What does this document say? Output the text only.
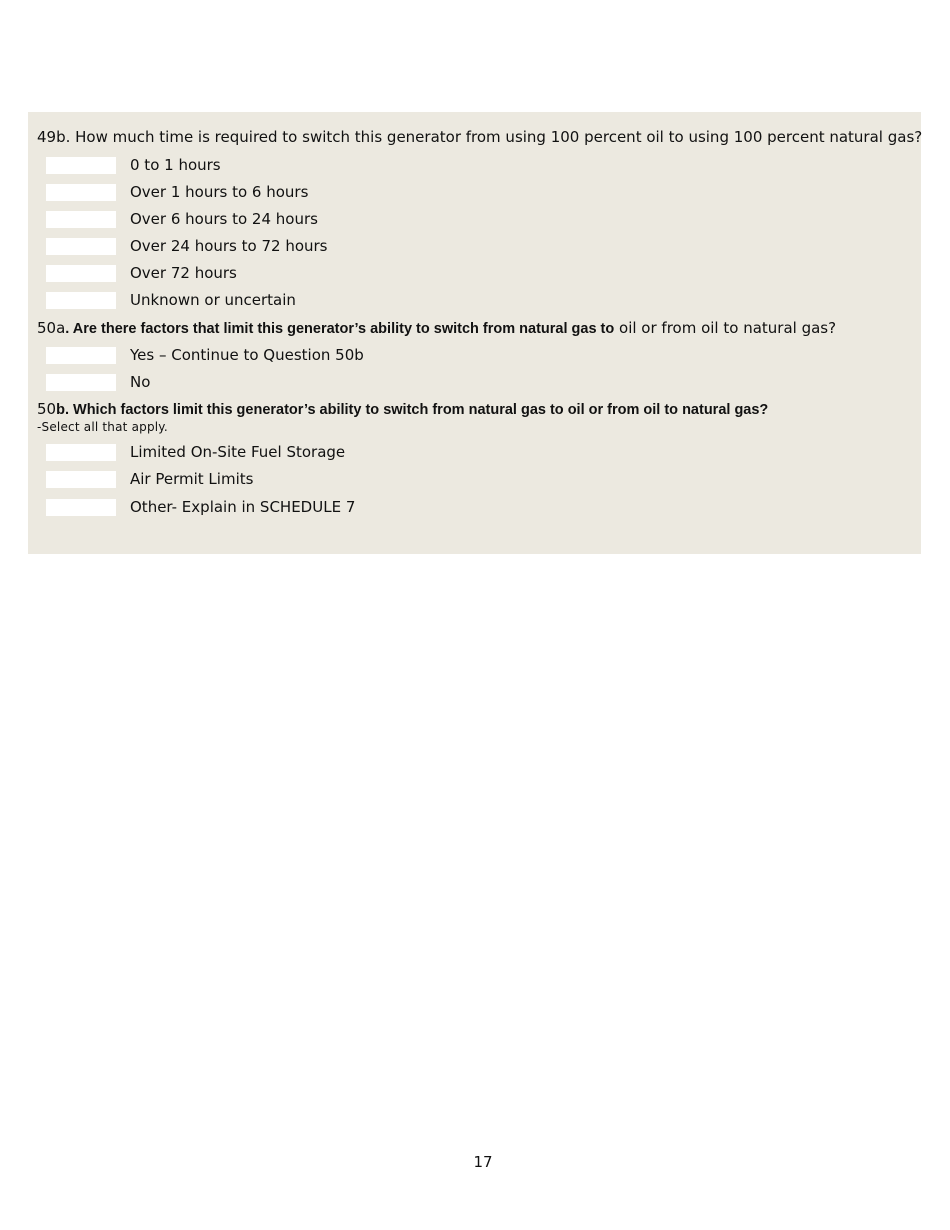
49b. How much time is required to switch this generator from using 100 percent oil to using 100 percent natural gas?
0 to 1 hours
Over 1 hours to 6 hours
Over 6 hours to 24 hours
Over 24 hours to 72 hours
Over 72 hours
Unknown or uncertain
50a. Are there factors that limit this generator’s ability to switch from natural gas to oil or from oil to natural gas?
Yes – Continue to Question 50b
No
50b. Which factors limit this generator’s ability to switch from natural gas to oil or from oil to natural gas?
-Select all that apply.
Limited On-Site Fuel Storage
Air Permit Limits
Other- Explain in SCHEDULE 7
17
